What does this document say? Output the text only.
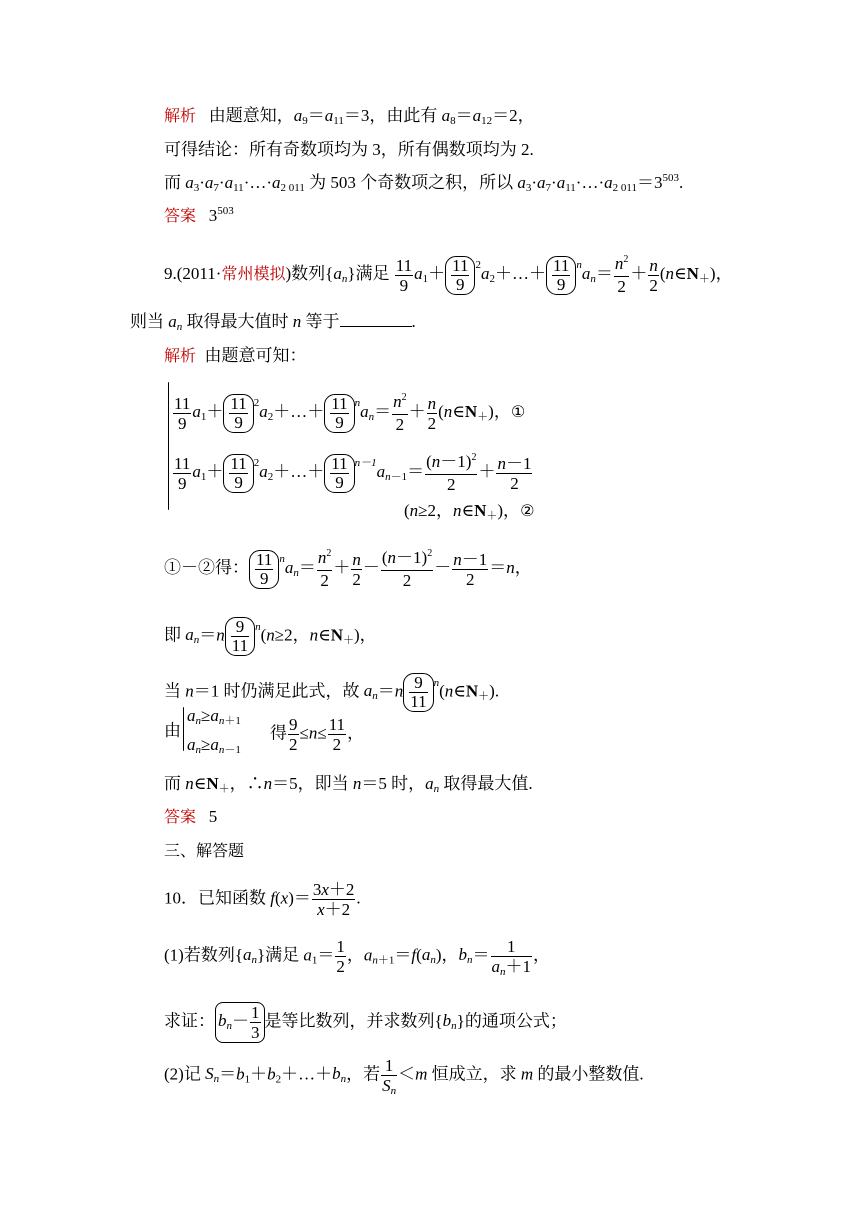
解析 由题意知，$a_9=a_{11}=3$，由此有 $a_8=a_{12}=2$，
可得结论：所有奇数项均为 3，所有偶数项均为 2.
而 $a_3\cdot a_7\cdot a_{11}\cdot\dots\cdot a_{2 011}$ 为 503 个奇数项之积，所以 $a_3\cdot a_7\cdot a_{11}\cdot\dots\cdot a_{2 011}=3^{503}$.
答案 $3^{503}$
9.(2011·常州模拟)数列$\{a_n\}$满足 $\frac{11}{9} a_1+ \frac{11}{9}$ $2a_2+\dots+ \frac{11}{9} na_n= \frac{n^2}{2} + \frac{n}{2}$ $(n\in N_+)$，
则当 $a_n$ 取得最大值时 n 等于	.
解析 由题意可知：
$\frac{11}{9} a_1+ \frac{11}{9}$ $2a_2+\dots+ \frac{11}{9} na_n= \frac{n^2}{2} + \frac{n}{2}$ $(n\in N_+)$，①
$\frac{11}{9} a_1+ \frac{11}{9}$ $2a_2+\dots+ \frac{11}{9} n-1a_{n-1}= \frac{(n-1)^2}{2} + \frac{n-1}{2}$
(n≥2，$n\in N_+$)，②
①－②得： $\frac{11}{9} na_n= \frac{n^2}{2} + \frac{n}{2} - \frac{(n-1)^2}{2} - \frac{n-1}{2} =n$，
即 $a_n=n \frac{9}{11} n(n\ge 2$，$n\in N_+$)，
当 n＝1 时仍满足此式，故 $a_n=n \frac{9}{11}$ $n(n\in N_+)$.
由
$a_n\ge a_{n+1}$
$a_n\ge a_{n-1}$
得 $\frac{9}{2} \le n\le \frac{11}{2}$ ，
而 $n\in N_+$，∴n＝5，即当 n＝5 时，$a_n$ 取得最大值.
答案 5
三、解答题
10．已知函数 $f(x)= \frac{3x+2}{x+2}$ .
(1)若数列$\{a_n\}$满足 $a_1= \frac{1}{2}$ ，$a_{n+1}=f(a_n)$，$b_n= \frac{1}{a_n+1}$ ，
求证： $b_n- \frac{1}{3}$ 是等比数列，并求数列$\{b_n\}$的通项公式；
(2)记 $S_n=b_1+b_2+\dots+b_n$，若 $\frac{1}{S_n} <m$ 恒成立，求 m 的最小整数值.
